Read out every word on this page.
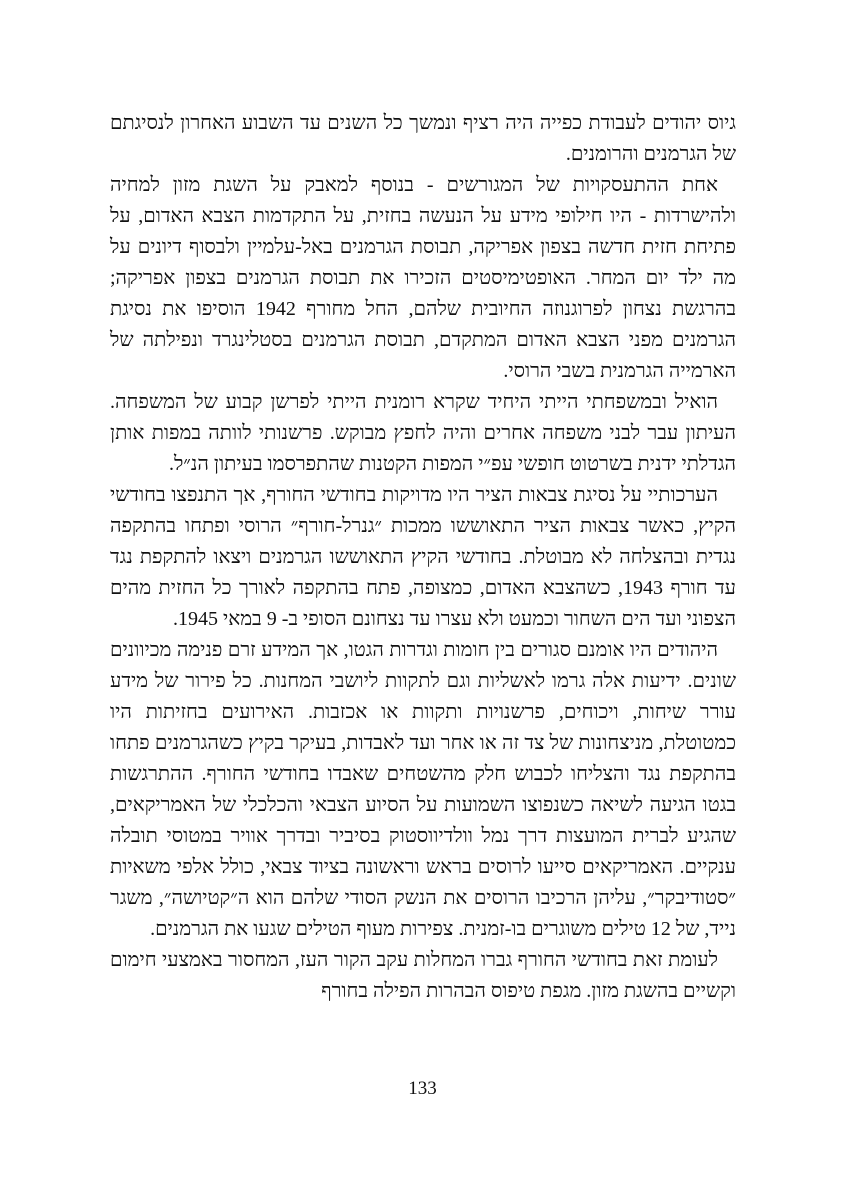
גיוס יהודים לעבודת כפייה היה רציף ונמשך כל השנים עד השבוע האחרון לנסיגתם של הגרמנים והרומנים.

אחת ההתעסקויות של המגורשים - בנוסף למאבק על השגת מזון למחיה ולהישרדות - היו חילופי מידע על הנעשה בחזית, על התקדמות הצבא האדום, על פתיחת חזית חדשה בצפון אפריקה, תבוסת הגרמנים באל-עלמיין ולבסוף דיונים על מה ילד יום המחר. האופטימיסטים הזכירו את תבוסת הגרמנים בצפון אפריקה; בהרגשת נצחון לפרוגנוזה החיובית שלהם, החל מחורף 1942 הוסיפו את נסיגת הגרמנים מפני הצבא האדום המתקדם, תבוסת הגרמנים בסטלינגרד ונפילתה של הארמייה הגרמנית בשבי הרוסי.

הואיל ובמשפחתי הייתי היחיד שקרא רומנית הייתי לפרשן קבוע של המשפחה. העיתון עבר לבני משפחה אחרים והיה לחפץ מבוקש. פרשנותי לוותה במפות אותן הגדלתי ידנית בשרטוט חופשי עפ״י המפות הקטנות שהתפרסמו בעיתון הנ״ל.

הערכותיי על נסיגת צבאות הציר היו מדויקות בחודשי החורף, אך התנפצו בחודשי הקיץ, כאשר צבאות הציר התאוששו ממכות ״גנרל-חורף״ הרוסי ופתחו בהתקפה נגדית ובהצלחה לא מבוטלת. בחודשי הקיץ התאוששו הגרמנים ויצאו להתקפת נגד עד חורף 1943, כשהצבא האדום, כמצופה, פתח בהתקפה לאורך כל החזית מהים הצפוני ועד הים השחור וכמעט ולא עצרו עד נצחונם הסופי ב- 9 במאי 1945.

היהודים היו אומנם סגורים בין חומות וגדרות הגטו, אך המידע זרם פנימה מכיוונים שונים. ידיעות אלה גרמו לאשליות וגם לתקוות ליושבי המחנות. כל פירור של מידע עורר שיחות, ויכוחים, פרשנויות ותקוות או אכזבות. האירועים בחזיתות היו כמטוטלת, מניצחונות של צד זה או אחר ועד לאבדות, בעיקר בקיץ כשהגרמנים פתחו בהתקפת נגד והצליחו לכבוש חלק מהשטחים שאבדו בחודשי החורף. ההתרגשות בגטו הגיעה לשיאה כשנפוצו השמועות על הסיוע הצבאי והכלכלי של האמריקאים, שהגיע לברית המועצות דרך נמל וולדיווסטוק בסיביר ובדרך אוויר במטוסי תובלה ענקיים. האמריקאים סייעו לרוסים בראש וראשונה בציוד צבאי, כולל אלפי משאיות ״סטודיבקר״, עליהן הרכיבו הרוסים את הנשק הסודי שלהם הוא ה״קטיושה״, משגר נייד, של 12 טילים משוגרים בו-זמנית. צפירות מעוף הטילים שגעו את הגרמנים.

לעומת זאת בחודשי החורף גברו המחלות עקב הקור העז, המחסור באמצעי חימום וקשיים בהשגת מזון. מגפת טיפוס הבהרות הפילה בחורף

133
